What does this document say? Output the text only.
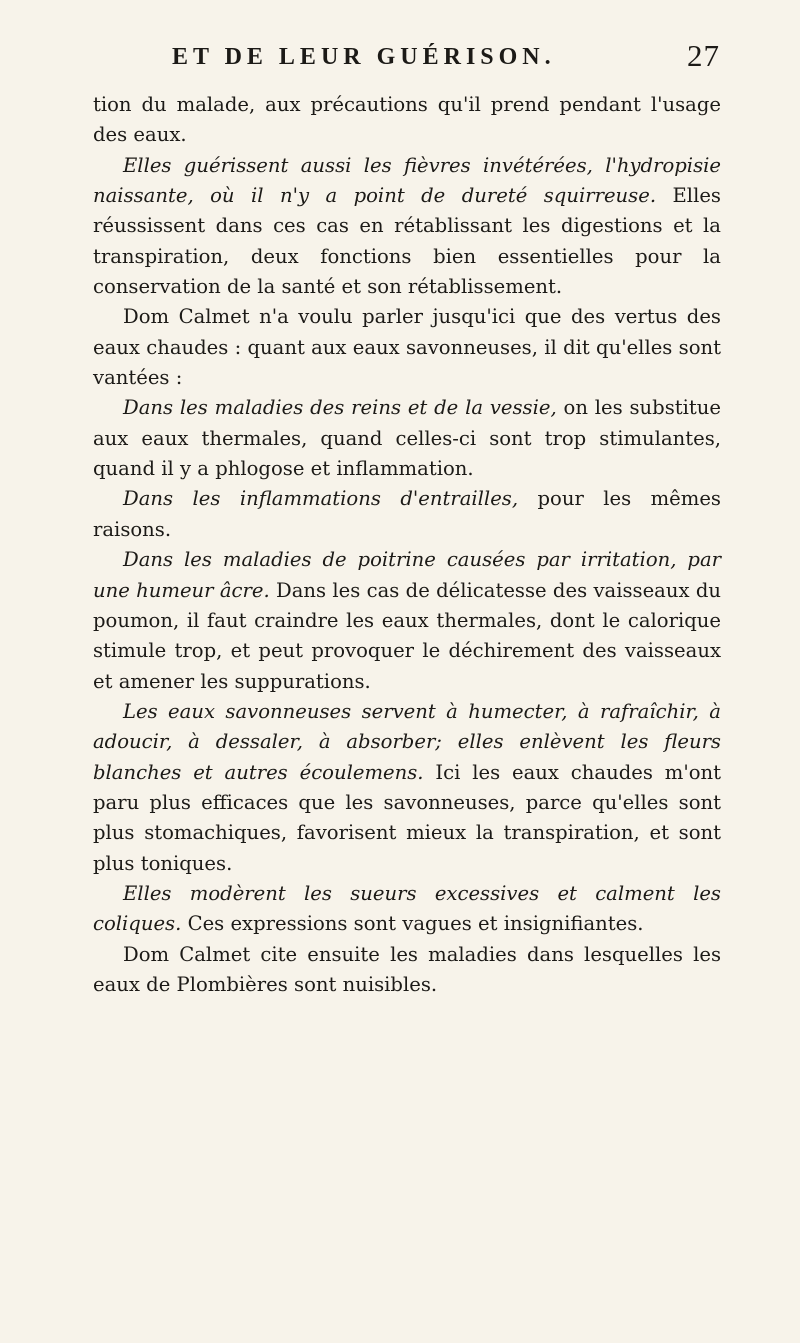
ET DE LEUR GUÉRISON.	27

tion du malade, aux précautions qu'il prend pendant l'usage des eaux.

Elles guérissent aussi les fièvres invétérées, l'hydropisie naissante, où il n'y a point de dureté squirreuse. Elles réussissent dans ces cas en rétablissant les digestions et la transpiration, deux fonctions bien essentielles pour la conservation de la santé et son rétablissement.

Dom Calmet n'a voulu parler jusqu'ici que des vertus des eaux chaudes : quant aux eaux savonneuses, il dit qu'elles sont vantées :

Dans les maladies des reins et de la vessie, on les substitue aux eaux thermales, quand celles-ci sont trop stimulantes, quand il y a phlogose et inflammation.

Dans les inflammations d'entrailles, pour les mêmes raisons.

Dans les maladies de poitrine causées par irritation, par une humeur âcre. Dans les cas de délicatesse des vaisseaux du poumon, il faut craindre les eaux thermales, dont le calorique stimule trop, et peut provoquer le déchirement des vaisseaux et amener les suppurations.

Les eaux savonneuses servent à humecter, à rafraîchir, à adoucir, à dessaler, à absorber; elles enlèvent les fleurs blanches et autres écoulemens. Ici les eaux chaudes m'ont paru plus efficaces que les savonneuses, parce qu'elles sont plus stomachiques, favorisent mieux la transpiration, et sont plus toniques.

Elles modèrent les sueurs excessives et calment les coliques. Ces expressions sont vagues et insignifiantes.

Dom Calmet cite ensuite les maladies dans lesquelles les eaux de Plombières sont nuisibles.
